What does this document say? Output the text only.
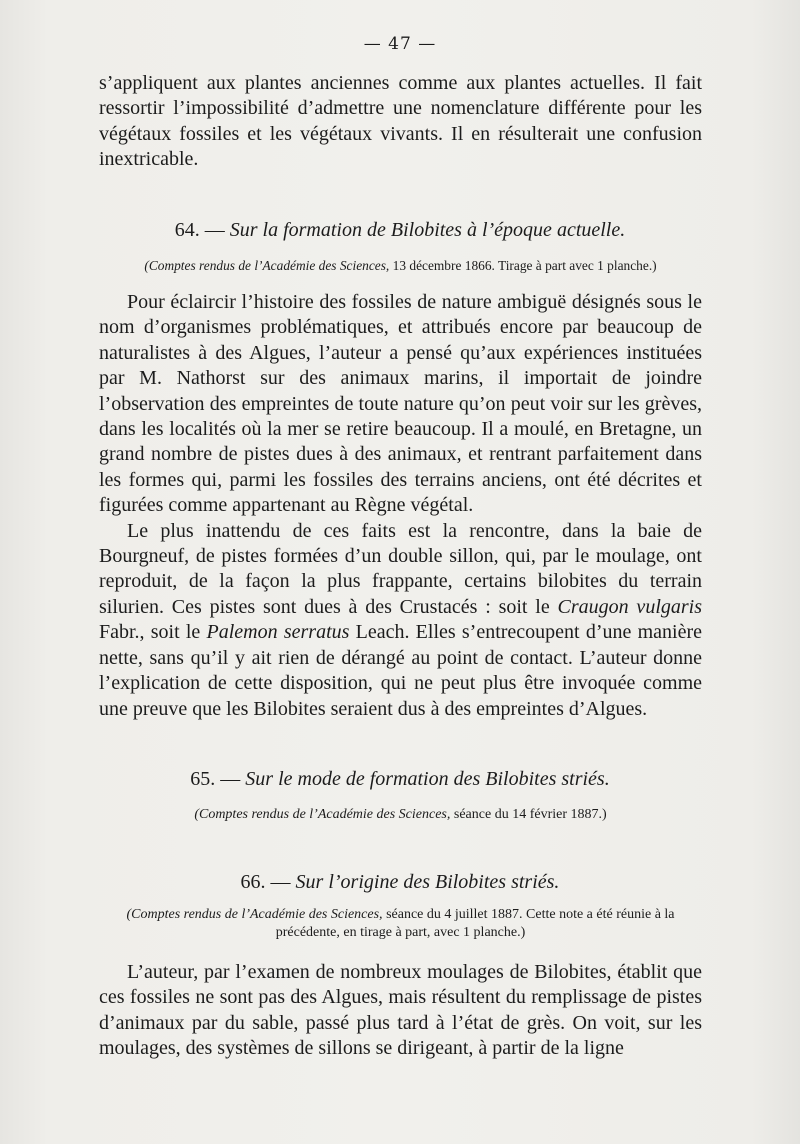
— 47 —

s’appliquent aux plantes anciennes comme aux plantes actuelles. Il fait ressortir l’impossibilité d’admettre une nomenclature différente pour les végétaux fossiles et les végétaux vivants. Il en résulterait une confusion inextricable.

64. — Sur la formation de Bilobites à l’époque actuelle.
(Comptes rendus de l’Académie des Sciences, 13 décembre 1866. Tirage à part avec 1 planche.)

Pour éclaircir l’histoire des fossiles de nature ambiguë désignés sous le nom d’organismes problématiques, et attribués encore par beaucoup de naturalistes à des Algues, l’auteur a pensé qu’aux expériences instituées par M. Nathorst sur des animaux marins, il importait de joindre l’observation des empreintes de toute nature qu’on peut voir sur les grèves, dans les localités où la mer se retire beaucoup. Il a moulé, en Bretagne, un grand nombre de pistes dues à des animaux, et rentrant parfaitement dans les formes qui, parmi les fossiles des terrains anciens, ont été décrites et figurées comme appartenant au Règne végétal.

Le plus inattendu de ces faits est la rencontre, dans la baie de Bourgneuf, de pistes formées d’un double sillon, qui, par le moulage, ont reproduit, de la façon la plus frappante, certains bilobites du terrain silurien. Ces pistes sont dues à des Crustacés : soit le Craugon vulgaris Fabr., soit le Palemon serratus Leach. Elles s’entrecoupent d’une manière nette, sans qu’il y ait rien de dérangé au point de contact. L’auteur donne l’explication de cette disposition, qui ne peut plus être invoquée comme une preuve que les Bilobites seraient dus à des empreintes d’Algues.

65. — Sur le mode de formation des Bilobites striés.
(Comptes rendus de l’Académie des Sciences, séance du 14 février 1887.)
66. — Sur l’origine des Bilobites striés.
(Comptes rendus de l’Académie des Sciences, séance du 4 juillet 1887. Cette note a été réunie à la précédente, en tirage à part, avec 1 planche.)

L’auteur, par l’examen de nombreux moulages de Bilobites, établit que ces fossiles ne sont pas des Algues, mais résultent du remplissage de pistes d’animaux par du sable, passé plus tard à l’état de grès. On voit, sur les moulages, des systèmes de sillons se dirigeant, à partir de la ligne
